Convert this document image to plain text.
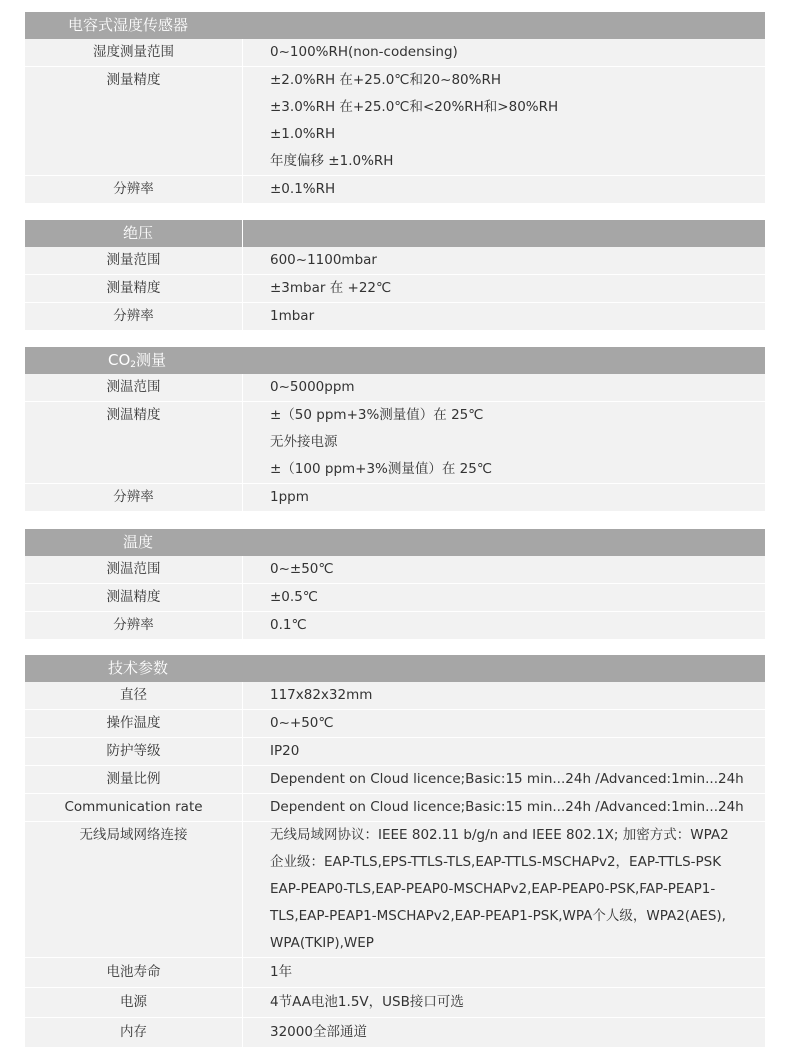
电容式湿度传感器
湿度测量范围	0~100%RH(non-codensing)
测量精度	±2.0%RH 在+25.0℃和20~80%RH
±3.0%RH 在+25.0℃和<20%RH和>80%RH
±1.0%RH
年度偏移 ±1.0%RH
分辨率	±0.1%RH
绝压
测量范围	600~1100mbar
测量精度	±3mbar 在 +22℃
分辨率	1mbar
$CO_2$测量
测温范围	0~5000ppm
测温精度	±（50 ppm+3%测量值）在 25℃
无外接电源
±（100 ppm+3%测量值）在 25℃
分辨率	1ppm
温度
测温范围	0~±50℃
测温精度	±0.5℃
分辨率	0.1℃
技术参数
直径	117x82x32mm
操作温度	0~+50℃
防护等级	IP20
测量比例	Dependent on Cloud licence;Basic:15 min...24h /Advanced:1min...24h
Communication rate	Dependent on Cloud licence;Basic:15 min...24h /Advanced:1min...24h
无线局域网络连接	无线局域网协议：IEEE 802.11 b/g/n and IEEE 802.1X; 加密方式：WPA2
企业级：EAP-TLS,EPS-TTLS-TLS,EAP-TTLS-MSCHAPv2，EAP-TTLS-PSK
EAP-PEAP0-TLS,EAP-PEAP0-MSCHAPv2,EAP-PEAP0-PSK,FAP-PEAP1-
TLS,EAP-PEAP1-MSCHAPv2,EAP-PEAP1-PSK,WPA个人级，WPA2(AES),
WPA(TKIP),WEP
电池寿命	1年
电源	4节AA电池1.5V，USB接口可选
内存	32000全部通道
